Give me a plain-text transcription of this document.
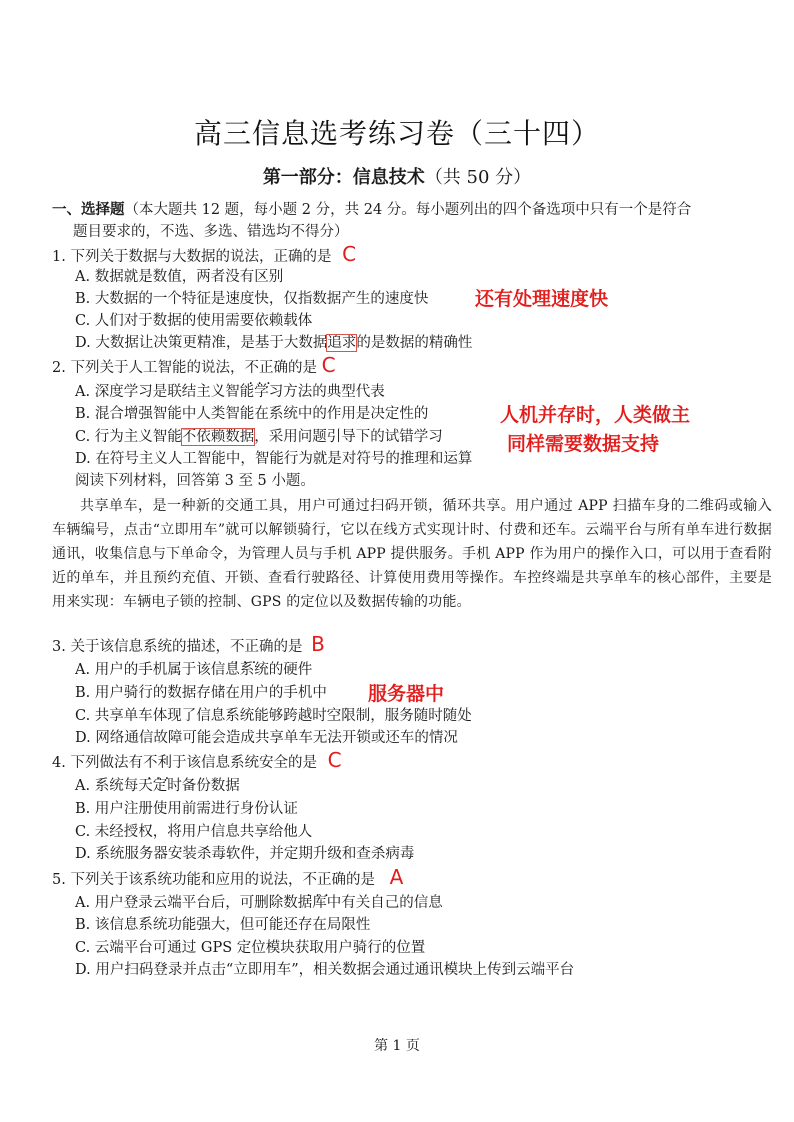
高三信息选考练习卷（三十四）
第一部分：信息技术（共 50 分）
一、选择题（本大题共 12 题，每小题 2 分，共 24 分。每小题列出的四个备选项中只有一个是符合
题目要求的，不选、多选、错选均不得分）
1. 下列关于数据与大数据的说法，正确的是 C
A. 数据就是数值，两者没有区别
B. 大数据的一个特征是速度快，仅指数据产生的速度快 还有处理速度快
C. 人们对于数据的使用需要依赖载体
D. 大数据让决策更精准，是基于大数据追求的是数据的精确性
2. 下列关于人工智能的说法，不正确 · · ·的是 C
A. 深度学习是联结主义智能学习方法的典型代表
B. 混合增强智能中人类智能在系统中的作用是决定性的	人机并存时，人类做主
C. 行为主义智能不依赖数据，采用问题引导下的试错学习	同样需要数据支持
D. 在符号主义人工智能中，智能行为就是对符号的推理和运算
阅读下列材料，回答第 3 至 5 小题。
共享单车，是一种新的交通工具，用户可通过扫码开锁，循环共享。用户通过 APP 扫描车身的二维码或输入车辆编号，点击“立即用车”就可以解锁骑行，它以在线方式实现计时、付费和还车。云端平台与所有单车进行数据通讯，收集信息与下单命令，为管理人员与手机 APP 提供服务。手机 APP 作为用户的操作入口，可以用于查看附近的单车，并且预约充值、开锁、查看行驶路径、计算使用费用等操作。车控终端是共享单车的核心部件，主要是用来实现：车辆电子锁的控制、GPS 的定位以及数据传输的功能。
3. 关于该信息系统的描述，不正确 · · ·的是 B
A. 用户的手机属于该信息系统的硬件
B. 用户骑行的数据存储在用户的手机中 服务器中
C. 共享单车体现了信息系统能够跨越时空限制，服务随时随处
D. 网络通信故障可能会造成共享单车无法开锁或还车的情况
4. 下列做法有不利于 · · ·该信息系统安全的是 C
A. 系统每天定时备份数据
B. 用户注册使用前需进行身份认证
C. 未经授权，将用户信息共享给他人
D. 系统服务器安装杀毒软件，并定期升级和查杀病毒
5. 下列关于该系统功能和应用的说法，不正确 · · ·的是 A
A. 用户登录云端平台后，可删除数据库中有关自己的信息
B. 该信息系统功能强大，但可能还存在局限性
C. 云端平台可通过 GPS 定位模块获取用户骑行的位置
D. 用户扫码登录并点击“立即用车”，相关数据会通过通讯模块上传到云端平台
第 1 页
